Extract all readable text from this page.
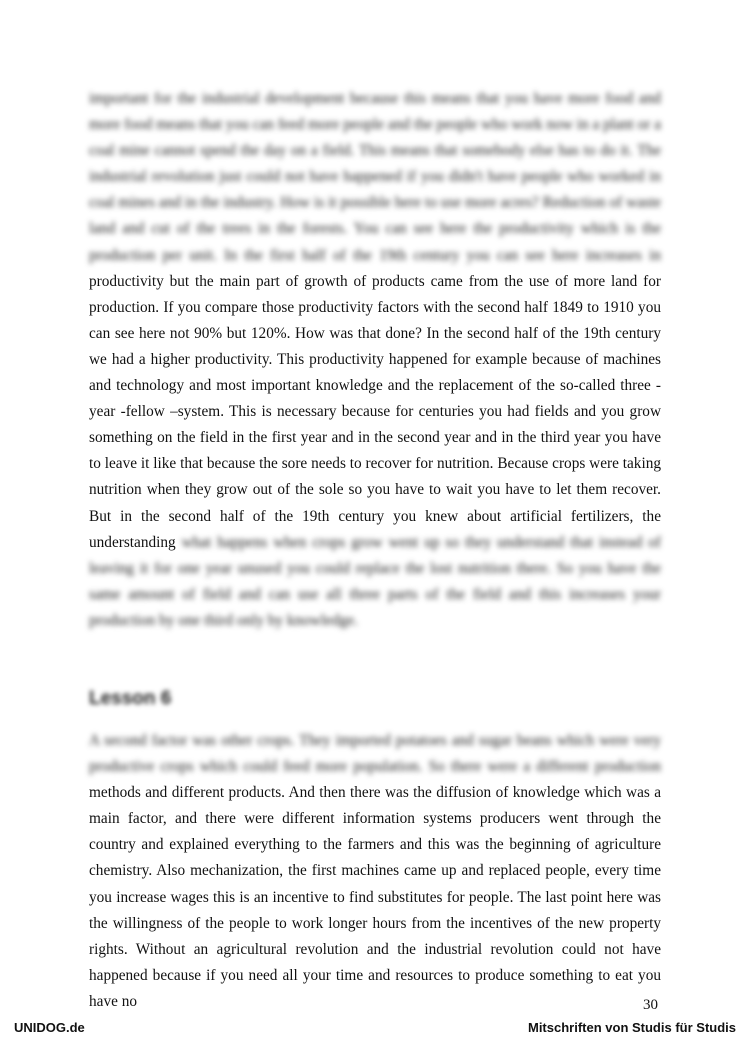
important for the industrial development because this means that you have more food and more food means that you can feed more people and the people who work now in a plant or a coal mine cannot spend the day on a field. This means that somebody else has to do it. The industrial revolution just could not have happened if you didn't have people who worked in coal mines and in the industry. How is it possible here to use more acres? Reduction of waste land and cut of the trees in the forests. You can see here the productivity which is the production per unit. In the first half of the 19th century you can see here increases in productivity but the main part of growth of products came from the use of more land for production. If you compare those productivity factors with the second half 1849 to 1910 you can see here not 90% but 120%. How was that done? In the second half of the 19th century we had a higher productivity. This productivity happened for example because of machines and technology and most important knowledge and the replacement of the so-called three - year -fellow –system. This is necessary because for centuries you had fields and you grow something on the field in the first year and in the second year and in the third year you have to leave it like that because the sore needs to recover for nutrition. Because crops were taking nutrition when they grow out of the sole so you have to wait you have to let them recover. But in the second half of the 19th century you knew about artificial fertilizers, the understanding what happens when crops grow went up so they understand that instead of leaving it for one year unused you could replace the lost nutrition there. So you have the same amount of field and can use all three parts of the field and this increases your production by one third only by knowledge.
Lesson 6
A second factor was other crops. They imported potatoes and sugar beans which were very productive crops which could feed more population. So there were a different production methods and different products. And then there was the diffusion of knowledge which was a main factor, and there were different information systems producers went through the country and explained everything to the farmers and this was the beginning of agriculture chemistry. Also mechanization, the first machines came up and replaced people, every time you increase wages this is an incentive to find substitutes for people. The last point here was the willingness of the people to work longer hours from the incentives of the new property rights. Without an agricultural revolution and the industrial revolution could not have happened because if you need all your time and resources to produce something to eat you have no	30
UNIDOG.de	Mitschriften von Studis für Studis
